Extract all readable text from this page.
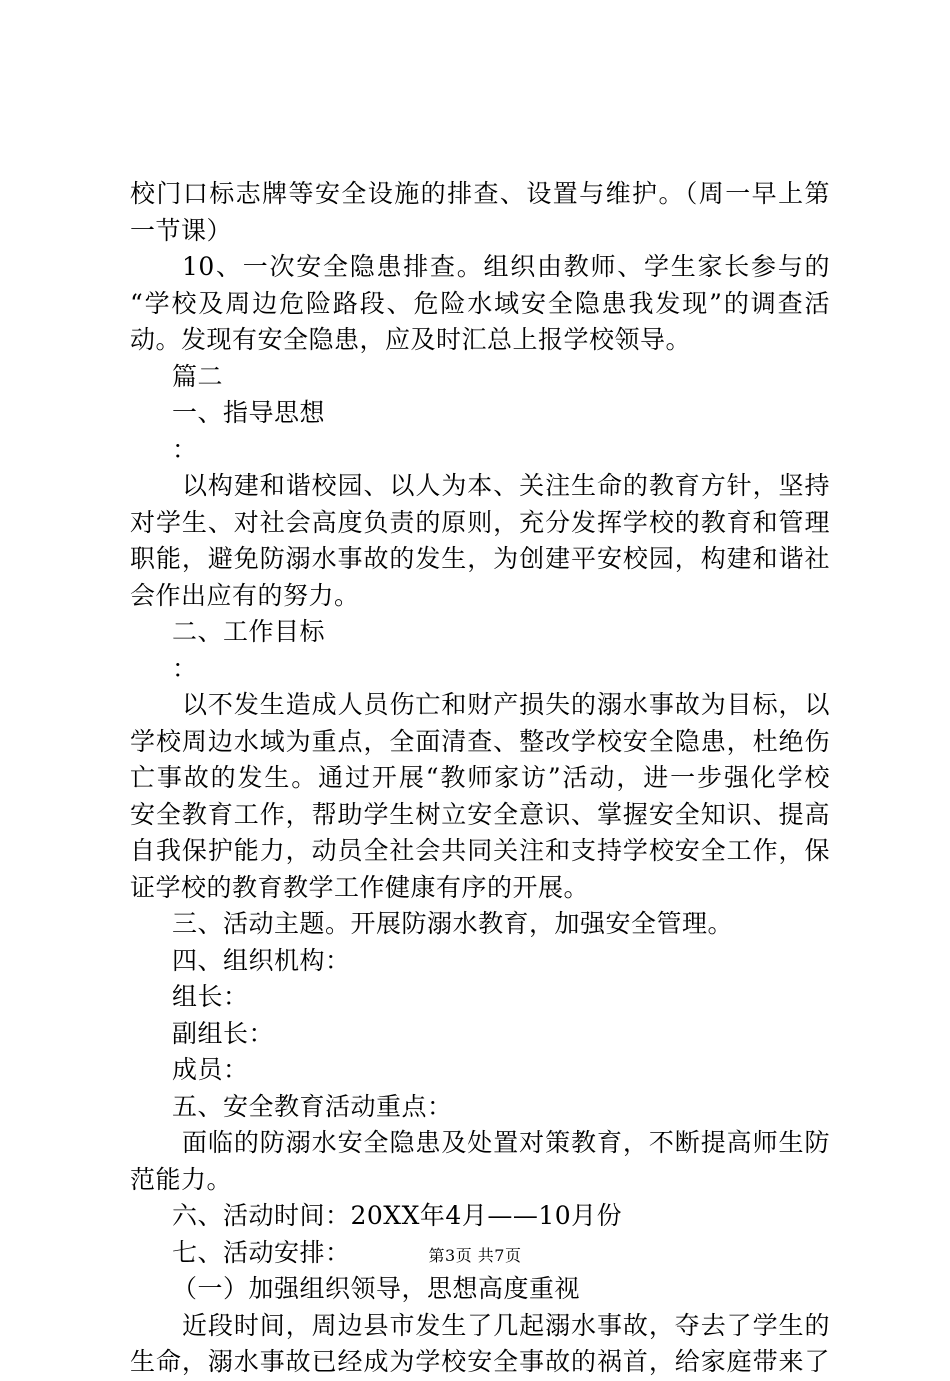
校门口标志牌等安全设施的排查、设置与维护。（周一早上第
一节课）
10、一次安全隐患排查。组织由教师、学生家长参与的
“学校及周边危险路段、危险水域安全隐患我发现”的调查活
动。发现有安全隐患，应及时汇总上报学校领导。
篇二
一、指导思想
：
以构建和谐校园、以人为本、关注生命的教育方针，坚持
对学生、对社会高度负责的原则，充分发挥学校的教育和管理
职能，避免防溺水事故的发生，为创建平安校园，构建和谐社
会作出应有的努力。
二、工作目标
：
以不发生造成人员伤亡和财产损失的溺水事故为目标，以
学校周边水域为重点，全面清查、整改学校安全隐患，杜绝伤
亡事故的发生。通过开展“教师家访”活动，进一步强化学校
安全教育工作，帮助学生树立安全意识、掌握安全知识、提高
自我保护能力，动员全社会共同关注和支持学校安全工作，保
证学校的教育教学工作健康有序的开展。
三、活动主题。开展防溺水教育，加强安全管理。
四、组织机构：
组长：
副组长：
成员：
五、安全教育活动重点：
面临的防溺水安全隐患及处置对策教育，不断提高师生防
范能力。
六、活动时间：20XX年4月——10月份
七、活动安排：
（一）加强组织领导，思想高度重视
近段时间，周边县市发生了几起溺水事故，夺去了学生的
生命，溺水事故已经成为学校安全事故的祸首，给家庭带来了
第3页 共7页
